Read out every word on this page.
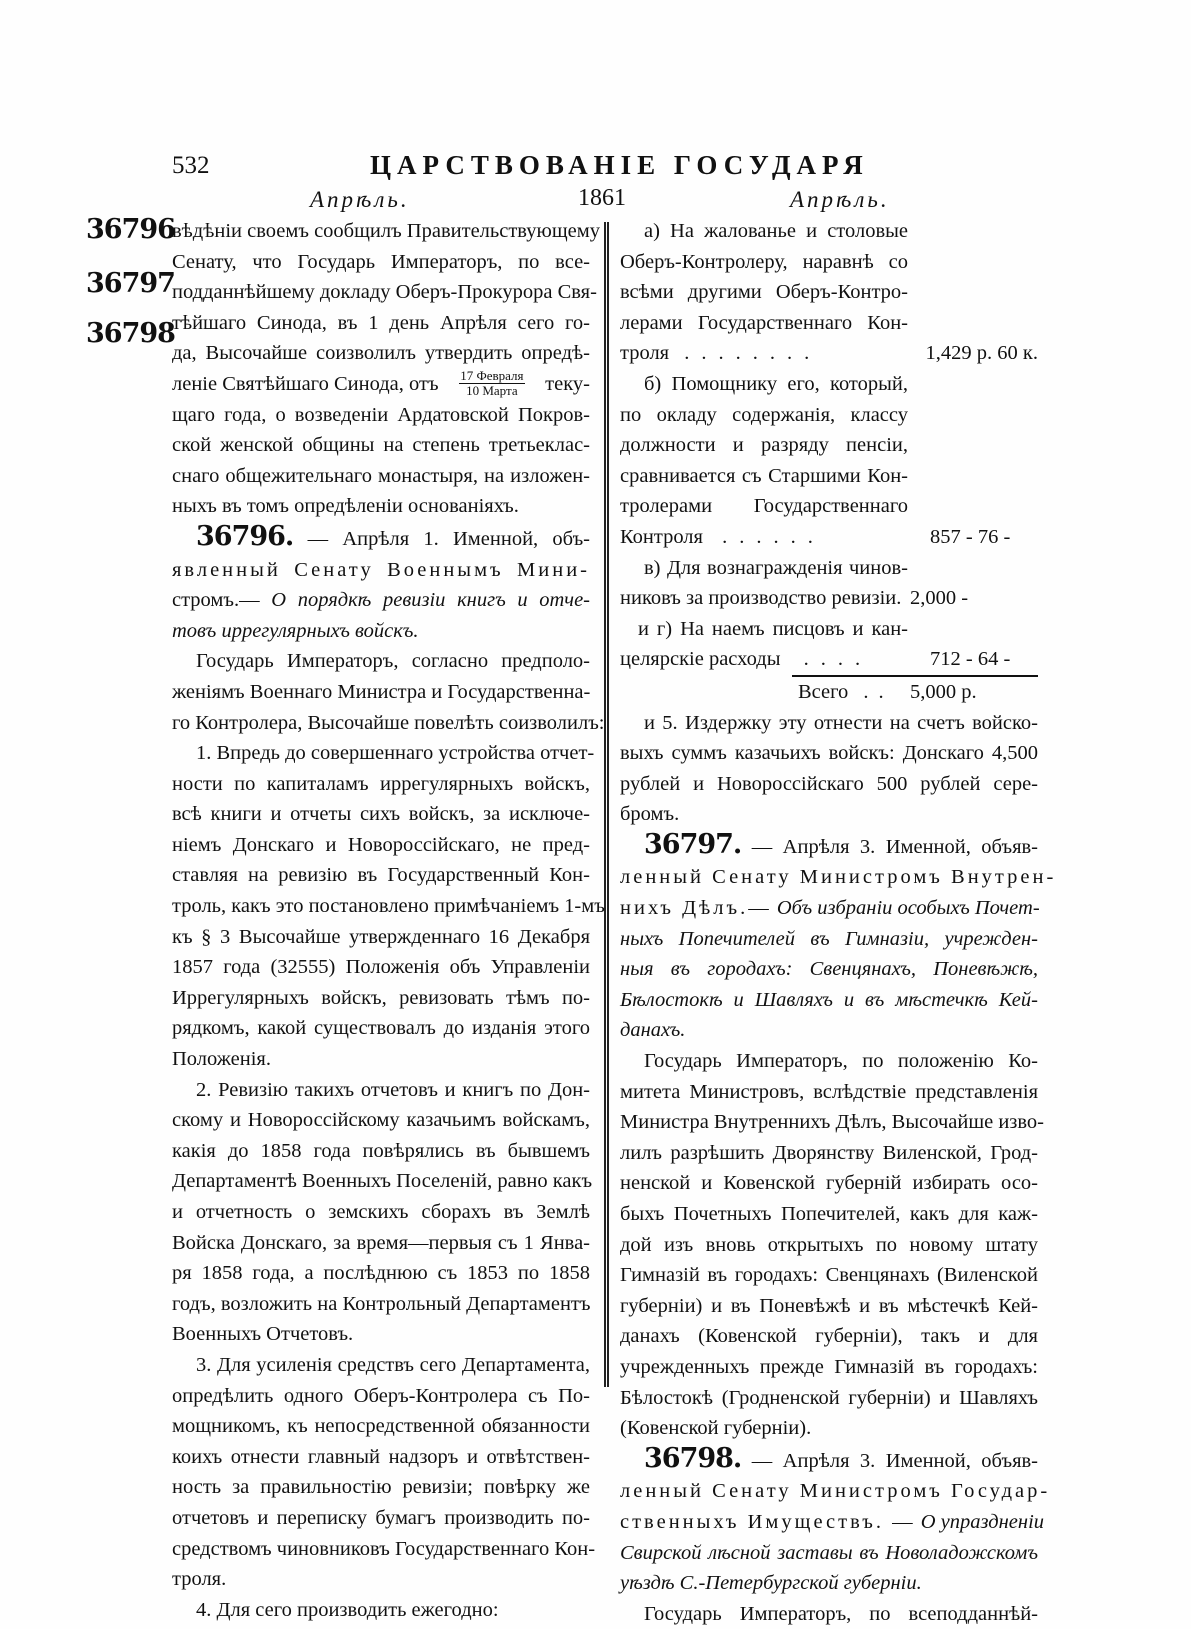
532	ЦАРСТВОВАНІЕ ГОСУДАРЯ
Апрѣль.	1861	Апрѣль.
36796
36797
36798
вѣдѣніи своемъ сообщилъ Правительствующему
Сенату, что Государь Императоръ, по все-
подданнѣйшему докладу Оберъ-Прокурора Свя-
тѣйшаго Синода, въ 1 день Апрѣля сего го-
да, Высочайше соизволилъ утвердить опредѣ-
леніе Святѣйшаго Синода, отъ $\frac{\text{17 Февраля}}{\text{10 Марта}}$ теку-
щаго года, о возведеніи Ардатовской Покров-
ской женской общины на степень третьеклас-
снаго общежительнаго монастыря, на изложен-
ныхъ въ томъ опредѣленіи основаніяхъ.
36796. — Апрѣля 1. Именной, объ-
явленный Сенату Военнымъ Мини-
стромъ.— О порядкѣ ревизіи книгъ и отче-
товъ иррегулярныхъ войскъ.
Государь Императоръ, согласно предполо-
женіямъ Военнаго Министра и Государственна-
го Контролера, Высочайше повелѣть соизволилъ:
1. Впредь до совершеннаго устройства отчет-
ности по капиталамъ иррегулярныхъ войскъ,
всѣ книги и отчеты сихъ войскъ, за исключе-
ніемъ Донскаго и Новороссійскаго, не пред-
ставляя на ревизію въ Государственный Кон-
троль, какъ это постановлено примѣчаніемъ 1-мъ
къ § 3 Высочайше утвержденнаго 16 Декабря
1857 года (32555) Положенія объ Управленіи
Иррегулярныхъ войскъ, ревизовать тѣмъ по-
рядкомъ, какой существовалъ до изданія этого
Положенія.
2. Ревизію такихъ отчетовъ и книгъ по Дон-
скому и Новороссійскому казачьимъ войскамъ,
какія до 1858 года повѣрялись въ бывшемъ
Департаментѣ Военныхъ Поселеній, равно какъ
и отчетность о земскихъ сборахъ въ Землѣ
Войска Донскаго, за время—первыя съ 1 Янва-
ря 1858 года, а послѣднюю съ 1853 по 1858
годъ, возложить на Контрольный Департаментъ
Военныхъ Отчетовъ.
3. Для усиленія средствъ сего Департамента,
опредѣлить одного Оберъ-Контролера съ По-
мощникомъ, къ непосредственной обязанности
коихъ отнести главный надзоръ и отвѣтствен-
ность за правильностію ревизіи; повѣрку же
отчетовъ и переписку бумагъ производить по-
средствомъ чиновниковъ Государственнаго Кон-
троля.
4. Для сего производить ежегодно:
а) На жалованье и столовые
Оберъ-Контролеру, наравнѣ со
всѣми другими Оберъ-Контро-
лерами Государственнаго Кон-
троля ........	1,429 р. 60 к.
б) Помощнику его, который,
по окладу содержанія, классу
должности и разряду пенсіи,
сравнивается съ Старшими Кон-
тролерами Государственнаго
Контроля ......	857 - 76 -
в) Для вознагражденія чинов-
никовъ за производство ревизіи. 2,000 -
и г) На наемъ писцовъ и кан-
целярскіе расходы ....	712 - 64 -
Всего .. 5,000 р.
и 5. Издержку эту отнести на счетъ войско-
выхъ суммъ казачьихъ войскъ: Донскаго 4,500
рублей и Новороссійскаго 500 рублей сере-
бромъ.
36797. — Апрѣля 3. Именной, объяв-
ленный Сенату Министромъ Внутрен-
нихъ Дѣлъ.— Объ избраніи особыхъ Почет-
ныхъ Попечителей въ Гимназіи, учрежден-
ныя въ городахъ: Свенцянахъ, Поневѣжѣ,
Бѣлостокѣ и Шавляхъ и въ мѣстечкѣ Кей-
данахъ.
Государь Императоръ, по положенію Ко-
митета Министровъ, вслѣдствіе представленія
Министра Внутреннихъ Дѣлъ, Высочайше изво-
лилъ разрѣшить Дворянству Виленской, Грод-
ненской и Ковенской губерній избирать осо-
быхъ Почетныхъ Попечителей, какъ для каж-
дой изъ вновь открытыхъ по новому штату
Гимназій въ городахъ: Свенцянахъ (Виленской
губерніи) и въ Поневѣжѣ и въ мѣстечкѣ Кей-
данахъ (Ковенской губерніи), такъ и для
учрежденныхъ прежде Гимназій въ городахъ:
Бѣлостокѣ (Гродненской губерніи) и Шавляхъ
(Ковенской губерніи).
36798. — Апрѣля 3. Именной, объяв-
ленный Сенату Министромъ Государ-
ственныхъ Имуществъ. — О упраздненіи
Свирской лѣсной заставы въ Новоладожскомъ
уѣздѣ С.-Петербургской губерніи.
Государь Императоръ, по всеподданнѣй-
